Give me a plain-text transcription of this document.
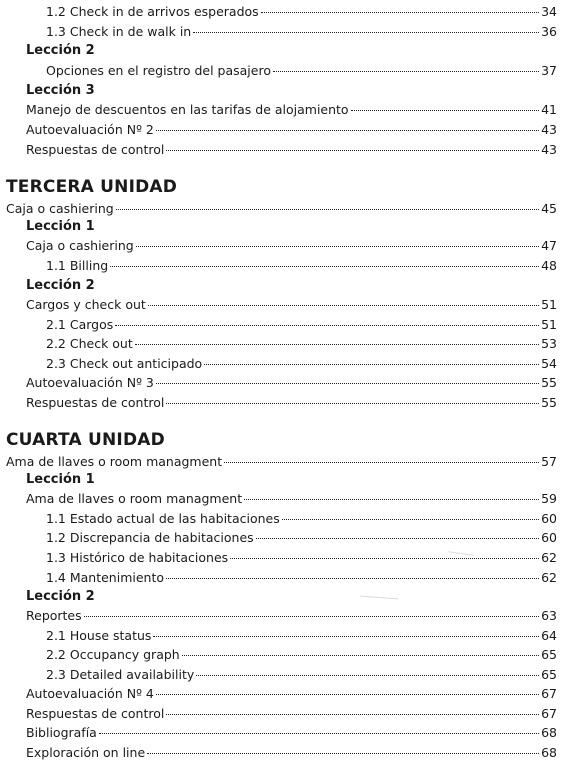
TERCERA UNIDAD
CUARTA UNIDAD
1.2 Check in de arrivos esperados	34
1.3 Check in de walk in	36
Lección 2
Opciones en el registro del pasajero	37
Lección 3
Manejo de descuentos en las tarifas de alojamiento	41
Autoevaluación Nº 2	43
Respuestas de control	43
Caja o cashiering	45
Lección 1
Caja o cashiering	47
1.1 Billing	48
Lección 2
Cargos y check out	51
2.1 Cargos	51
2.2 Check out	53
2.3 Check out anticipado	54
Autoevaluación Nº 3	55
Respuestas de control	55
Ama de llaves o room managment	57
Lección 1
Ama de llaves o room managment	59
1.1 Estado actual de las habitaciones	60
1.2 Discrepancia de habitaciones	60
1.3 Histórico de habitaciones	62
1.4 Mantenimiento	62
Lección 2
Reportes	63
2.1 House status	64
2.2 Occupancy graph	65
2.3 Detailed availability	65
Autoevaluación Nº 4	67
Respuestas de control	67
Bibliografía	68
Exploración on line	68
